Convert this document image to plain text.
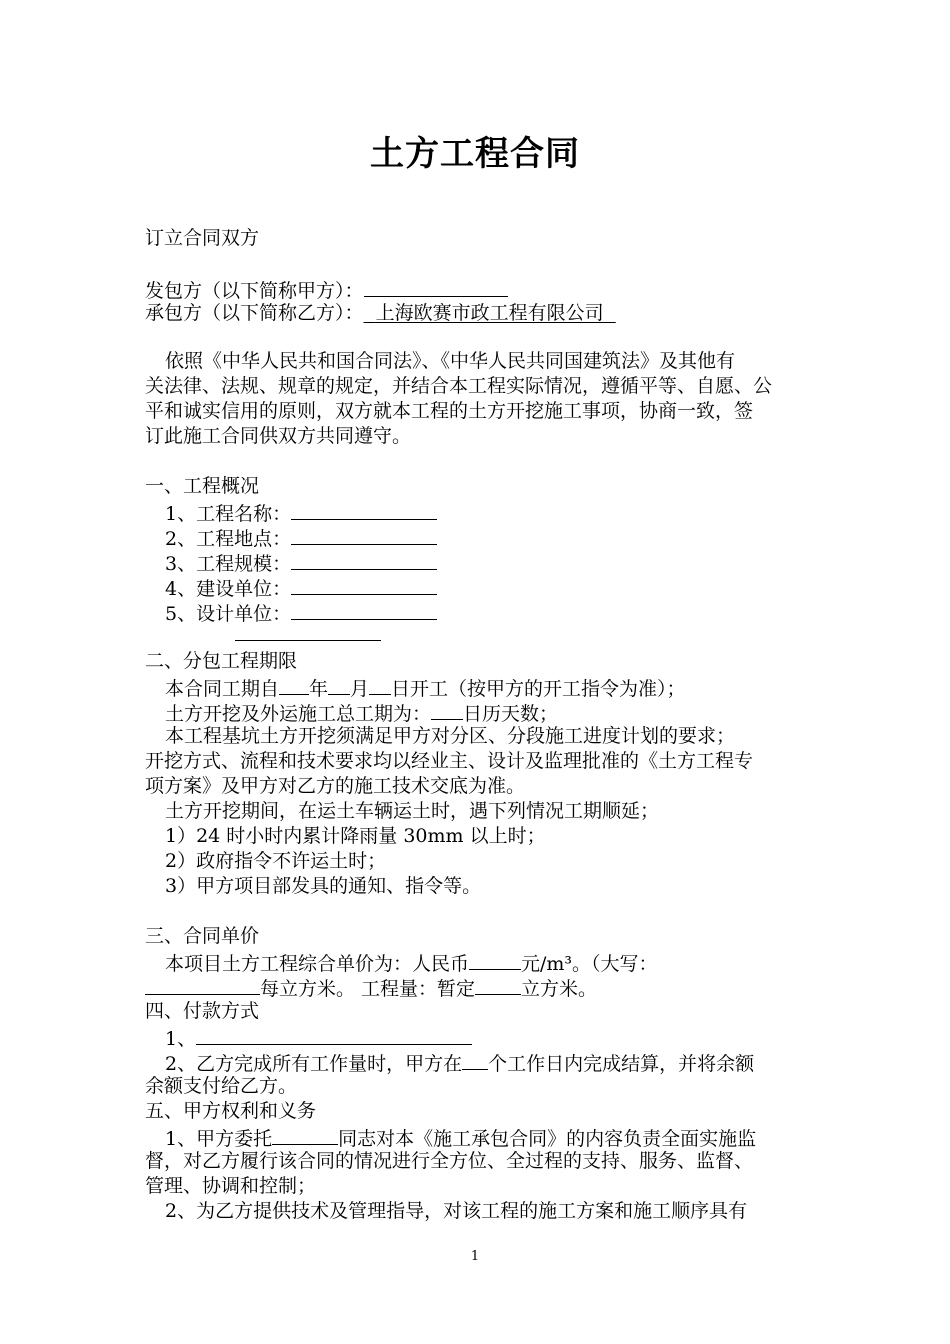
土方工程合同
订立合同双方
发包方（以下简称甲方）：
承包方（以下简称乙方）： 上海欧赛市政工程有限公司
依照《中华人民共和国合同法》、《中华人民共同国建筑法》及其他有
关法律、法规、规章的规定，并结合本工程实际情况，遵循平等、自愿、公
平和诚实信用的原则，双方就本工程的土方开挖施工事项，协商一致，签
订此施工合同供双方共同遵守。
一、工程概况
1、工程名称：
2、工程地点：
3、工程规模：
4、建设单位：
5、设计单位：
二、分包工程期限
本合同工期自 年 月 日开工（按甲方的开工指令为准）；
土方开挖及外运施工总工期为： 日历天数；
本工程基坑土方开挖须满足甲方对分区、分段施工进度计划的要求；
开挖方式、流程和技术要求均以经业主、设计及监理批准的《土方工程专
项方案》及甲方对乙方的施工技术交底为准。
土方开挖期间，在运土车辆运土时，遇下列情况工期顺延；
1）24 时小时内累计降雨量 30mm 以上时；
2）政府指令不许运土时；
3）甲方项目部发具的通知、指令等。
三、合同单价
本项目土方工程综合单价为：人民币	元/m³。（大写：
每立方米。 工程量：暂定 立方米。
四、付款方式
1、
2、乙方完成所有工作量时，甲方在 个工作日内完成结算，并将余额
余额支付给乙方。
五、甲方权利和义务
1、甲方委托	同志对本《施工承包合同》的内容负责全面实施监
督，对乙方履行该合同的情况进行全方位、全过程的支持、服务、监督、
管理、协调和控制；
2、为乙方提供技术及管理指导，对该工程的施工方案和施工顺序具有
1
